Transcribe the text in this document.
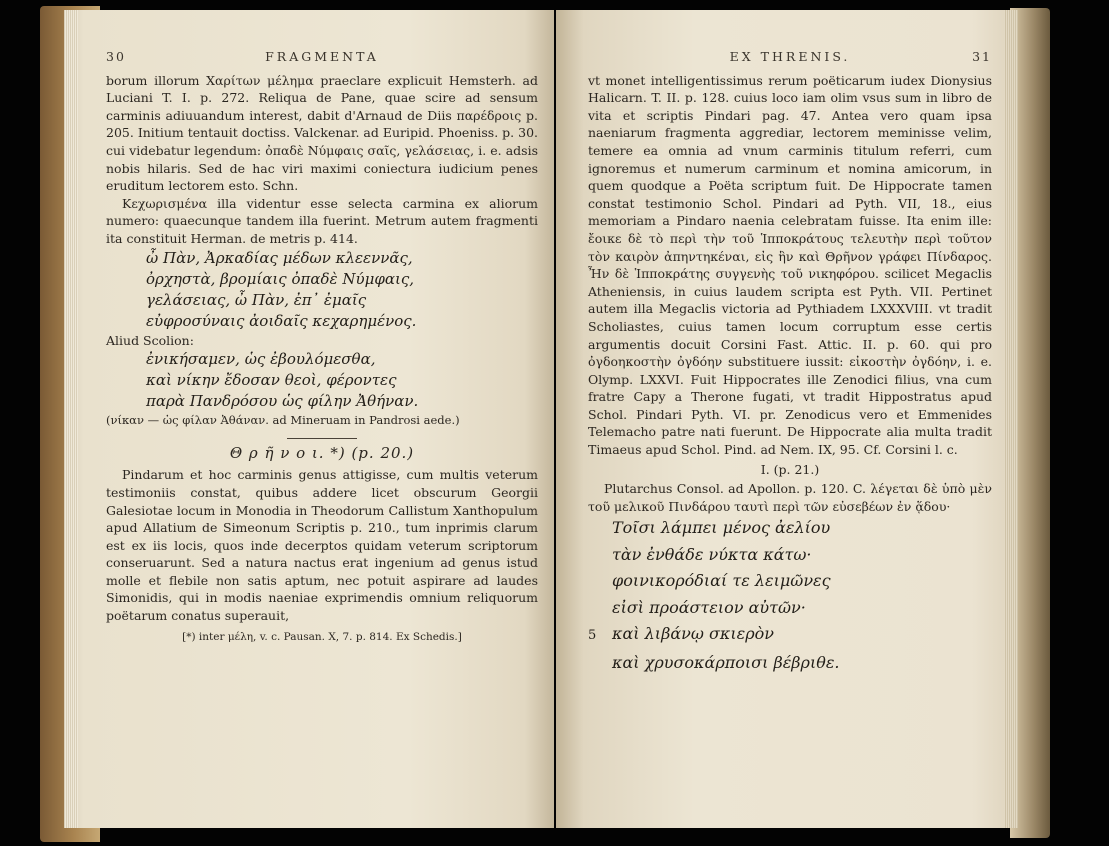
30	FRAGMENTA

borum illorum Χαρίτων μέλημα praeclare explicuit Hemsterh. ad Luciani T. I. p. 272. Reliqua de Pane, quae scire ad sensum carminis adiuuandum interest, dabit d'Arnaud de Diis παρέδροις p. 205. Initium tentauit doctiss. Valckenar. ad Euripid. Phoeniss. p. 30. cui videbatur legendum: ὀπαδὲ Νύμφαις σαῖς, γελάσειας, i. e. adsis nobis hilaris. Sed de hac viri maximi coniectura iudicium penes eruditum lectorem esto. Schn.

Κεχωρισμένα illa videntur esse selecta carmina ex aliorum numero: quaecunque tandem illa fuerint. Metrum autem fragmenti ita constituit Herman. de metris p. 414.

ὦ Πὰν, Ἀρκαδίας μέδων κλεεννᾶς,
ὀρχηστὰ, βρομίαις ὀπαδὲ Νύμφαις,
γελάσειας, ὦ Πὰν, ἐπ᾽ ἐμαῖς
εὐφροσύναις ἀοιδαῖς κεχαρημένος.

Aliud Scolion:

ἐνικήσαμεν, ὡς ἐβουλόμεσθα,
καὶ νίκην ἔδοσαν θεοὶ, φέροντες
παρὰ Πανδρόσου ὡς φίλην Ἀθήναν.

(νίκαν — ὡς φίλαν Ἀθάναν. ad Mineruam in Pandrosi aede.)

Θ ρ ῆ ν ο ι. *) (p. 20.)

Pindarum et hoc carminis genus attigisse, cum multis veterum testimoniis constat, quibus addere licet obscurum Georgii Galesiotae locum in Monodia in Theodorum Callistum Xanthopulum apud Allatium de Simeonum Scriptis p. 210., tum inprimis clarum est ex iis locis, quos inde decerptos quidam veterum scriptorum conseruarunt. Sed a natura nactus erat ingenium ad genus istud molle et flebile non satis aptum, nec potuit aspirare ad laudes Simonidis, qui in modis naeniae exprimendis omnium reliquorum poëtarum conatus superauit,

[*) inter μέλη, v. c. Pausan. X, 7. p. 814. Ex Schedis.]
EX THRENIS.	31

vt monet intelligentissimus rerum poëticarum iudex Dionysius Halicarn. T. II. p. 128. cuius loco iam olim vsus sum in libro de vita et scriptis Pindari pag. 47. Antea vero quam ipsa naeniarum fragmenta aggrediar, lectorem meminisse velim, temere ea omnia ad vnum carminis titulum referri, cum ignoremus et numerum carminum et nomina amicorum, in quem quodque a Poëta scriptum fuit. De Hippocrate tamen constat testimonio Schol. Pindari ad Pyth. VII, 18., eius memoriam a Pindaro naenia celebratam fuisse. Ita enim ille: ἔοικε δὲ τὸ περὶ τὴν τοῦ Ἱπποκράτους τελευτὴν περὶ τοῦτον τὸν καιρὸν ἀπηντηκέναι, εἰς ἣν καὶ Θρῆνον γράφει Πίνδαρος. Ἦν δὲ Ἱπποκράτης συγγενὴς τοῦ νικηφόρου. scilicet Megaclis Atheniensis, in cuius laudem scripta est Pyth. VII. Pertinet autem illa Megaclis victoria ad Pythiadem LXXXVIII. vt tradit Scholiastes, cuius tamen locum corruptum esse certis argumentis docuit Corsini Fast. Attic. II. p. 60. qui pro ὀγδοηκοστὴν ὀγδόην substituere iussit: εἰκοστὴν ὀγδόην, i. e. Olymp. LXXVI. Fuit Hippocrates ille Zenodici filius, vna cum fratre Capy a Therone fugati, vt tradit Hippostratus apud Schol. Pindari Pyth. VI. pr. Zenodicus vero et Emmenides Telemacho patre nati fuerunt. De Hippocrate alia multa tradit Timaeus apud Schol. Pind. ad Nem. IX, 95. Cf. Corsini l. c.

I. (p. 21.)

Plutarchus Consol. ad Apollon. p. 120. C. λέγεται δὲ ὑπὸ μὲν τοῦ μελικοῦ Πινδάρου ταυτὶ περὶ τῶν εὐσεβέων ἐν ᾅδου·

Τοῖσι λάμπει μένος ἀελίου
τὰν ἐνθάδε νύκτα κάτω·
φοινικορόδιαί τε λειμῶνες
εἰσὶ προάστειον αὐτῶν·
5 καὶ λιβάνῳ σκιερὸν
καὶ χρυσοκάρποισι βέβριθε.
